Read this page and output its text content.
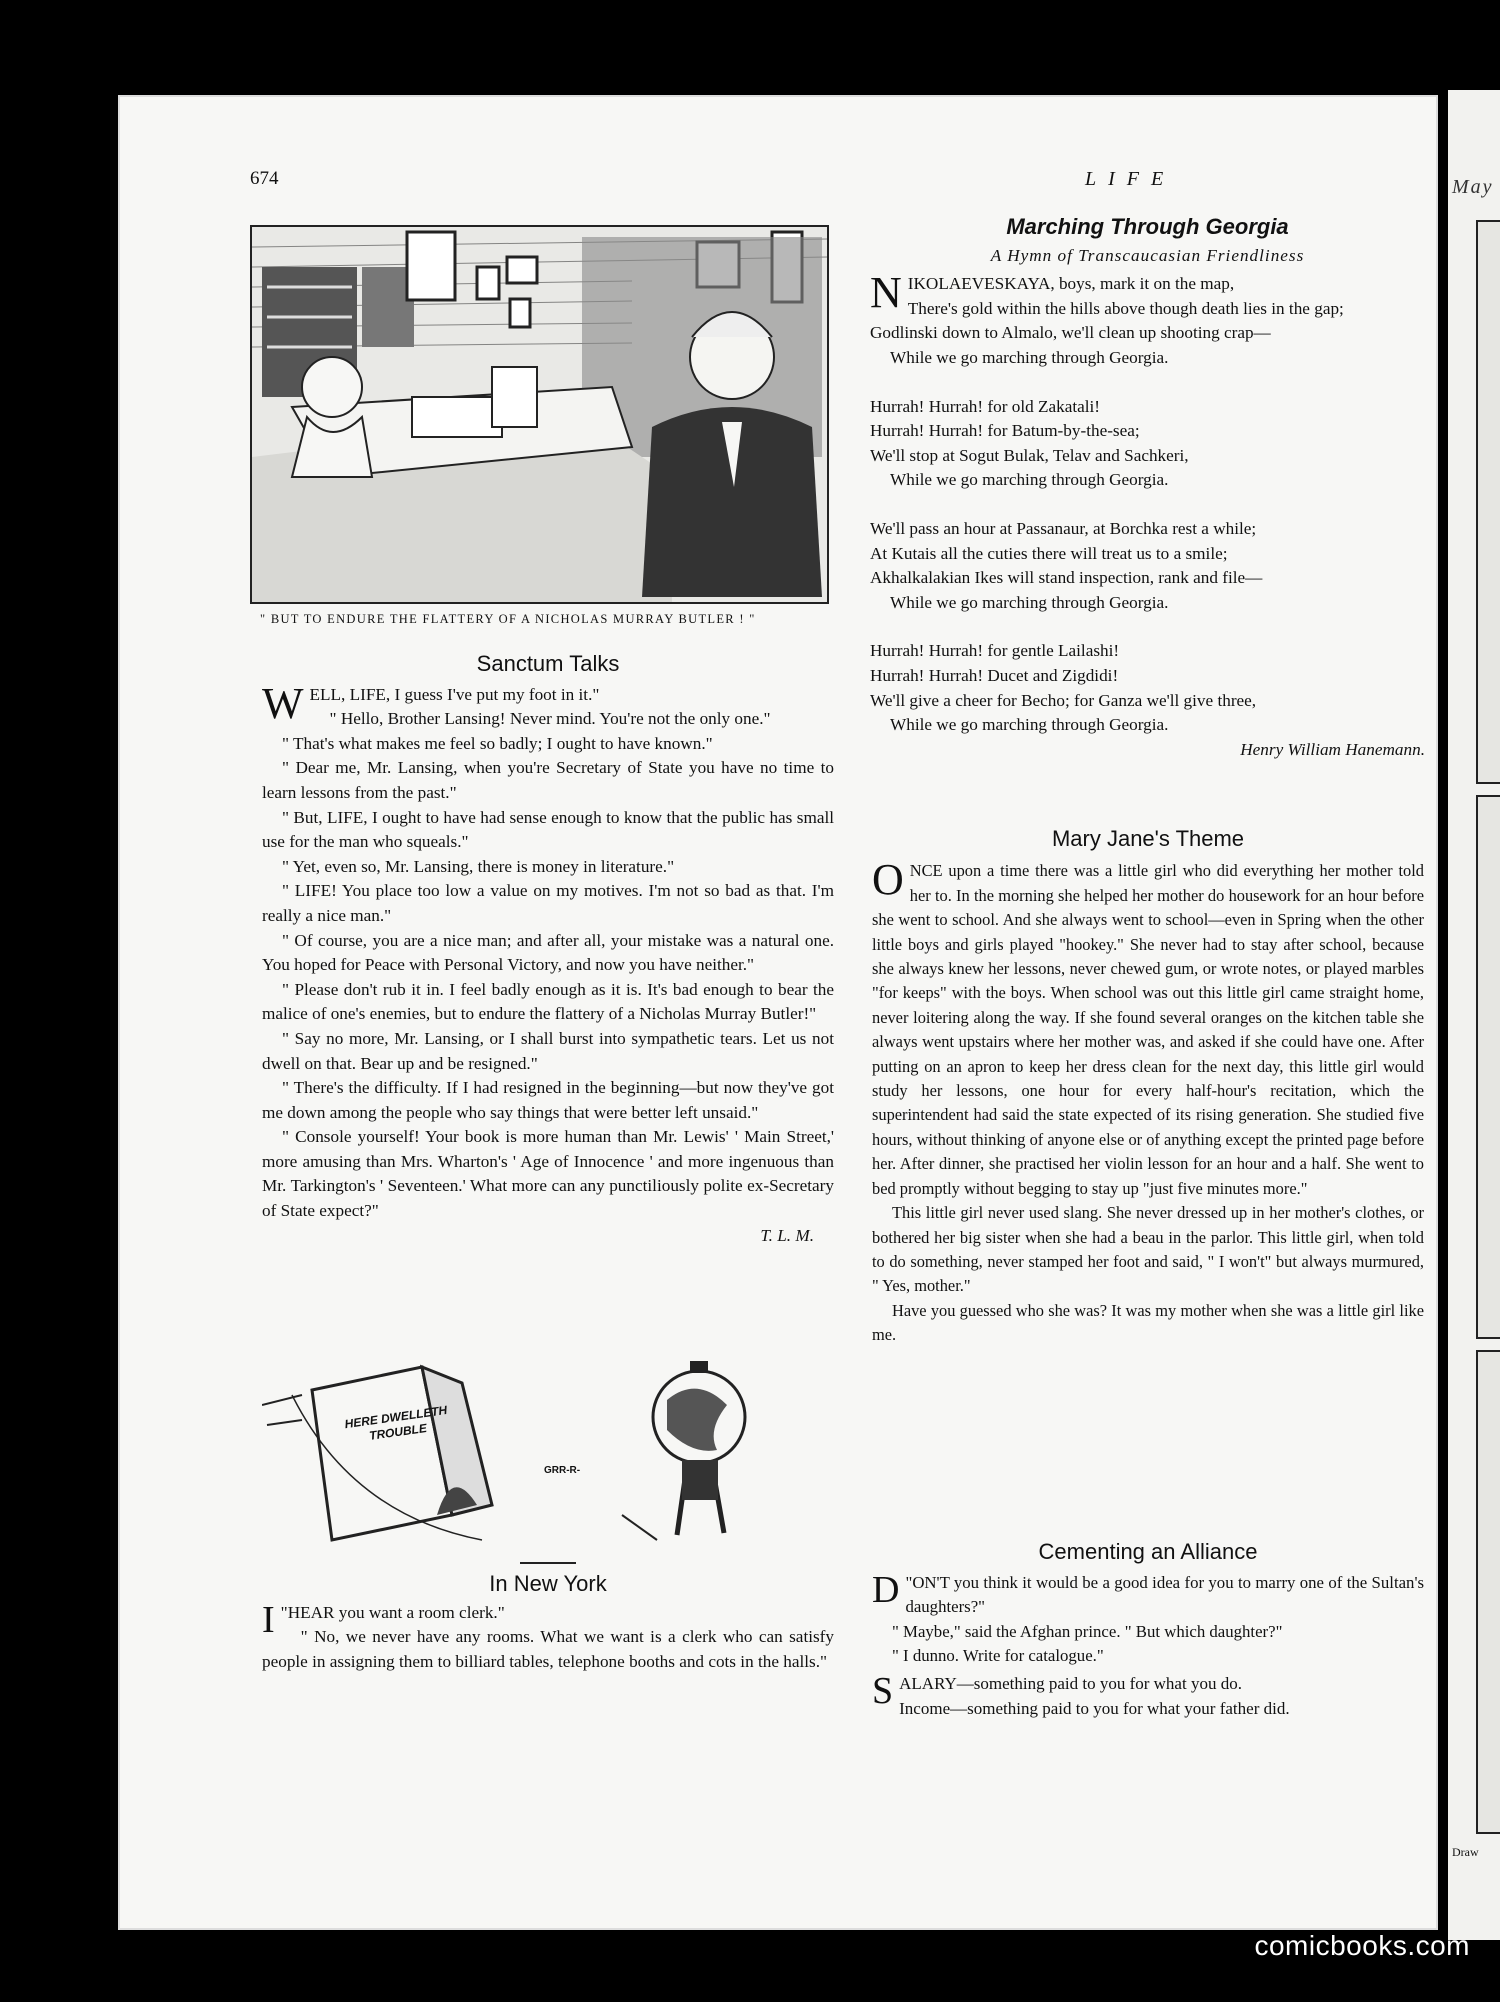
May
Draw
674	LIFE
" BUT TO ENDURE THE FLATTERY OF A NICHOLAS MURRAY BUTLER ! "
Sanctum Talks

WELL, LIFE, I guess I've put my foot in it."

" Hello, Brother Lansing! Never mind. You're not the only one."

" That's what makes me feel so badly; I ought to have known."

" Dear me, Mr. Lansing, when you're Secretary of State you have no time to learn lessons from the past."

" But, LIFE, I ought to have had sense enough to know that the public has small use for the man who squeals."

" Yet, even so, Mr. Lansing, there is money in literature."

" LIFE! You place too low a value on my motives. I'm not so bad as that. I'm really a nice man."

" Of course, you are a nice man; and after all, your mistake was a natural one. You hoped for Peace with Personal Victory, and now you have neither."

" Please don't rub it in. I feel badly enough as it is. It's bad enough to bear the malice of one's enemies, but to endure the flattery of a Nicholas Murray Butler!"

" Say no more, Mr. Lansing, or I shall burst into sympathetic tears. Let us not dwell on that. Bear up and be resigned."

" There's the difficulty. If I had resigned in the beginning—but now they've got me down among the people who say things that were better left unsaid."

" Console yourself! Your book is more human than Mr. Lewis' ' Main Street,' more amusing than Mrs. Wharton's ' Age of Innocence ' and more ingenuous than Mr. Tarkington's ' Seventeen.' What more can any punctiliously polite ex-Secretary of State expect?"

T. L. M.

HERE DWELLETH TROUBLE
GRR-R-
In New York

"
I HEAR you want a room clerk."

" No, we never have any rooms. What we want is a clerk who can satisfy people in assigning them to billiard tables, telephone booths and cots in the halls."

Marching Through Georgia

A Hymn of Transcaucasian Friendliness

NIKOLAEVESKAYA, boys, mark it on the map,
There's gold within the hills above though death lies in the gap;
Godlinski down to Almalo, we'll clean up shooting crap—
While we go marching through Georgia.
Hurrah! Hurrah! for old Zakatali!
Hurrah! Hurrah! for Batum-by-the-sea;
We'll stop at Sogut Bulak, Telav and Sachkeri,
While we go marching through Georgia.
We'll pass an hour at Passanaur, at Borchka rest a while;
At Kutais all the cuties there will treat us to a smile;
Akhalkalakian Ikes will stand inspection, rank and file—
While we go marching through Georgia.
Hurrah! Hurrah! for gentle Lailashi!
Hurrah! Hurrah! Ducet and Zigdidi!
We'll give a cheer for Becho; for Ganza we'll give three,
While we go marching through Georgia.

Henry William Hanemann.

Mary Jane's Theme

ONCE upon a time there was a little girl who did everything her mother told her to. In the morning she helped her mother do housework for an hour before she went to school. And she always went to school—even in Spring when the other little boys and girls played "hookey." She never had to stay after school, because she always knew her lessons, never chewed gum, or wrote notes, or played marbles "for keeps" with the boys. When school was out this little girl came straight home, never loitering along the way. If she found several oranges on the kitchen table she always went upstairs where her mother was, and asked if she could have one. After putting on an apron to keep her dress clean for the next day, this little girl would study her lessons, one hour for every half-hour's recitation, which the superintendent had said the state expected of its rising generation. She studied five hours, without thinking of anyone else or of anything except the printed page before her. After dinner, she practised her violin lesson for an hour and a half. She went to bed promptly without begging to stay up "just five minutes more."

This little girl never used slang. She never dressed up in her mother's clothes, or bothered her big sister when she had a beau in the parlor. This little girl, when told to do something, never stamped her foot and said, " I won't" but always murmured, " Yes, mother."

Have you guessed who she was? It was my mother when she was a little girl like me.

Cementing an Alliance

"
D ON'T you think it would be a good idea for you to marry one of the Sultan's daughters?"

" Maybe," said the Afghan prince. " But which daughter?"

" I dunno. Write for catalogue."

SALARY—something paid to you for what you do.

Income—something paid to you for what your father did.

comicbooks.com
